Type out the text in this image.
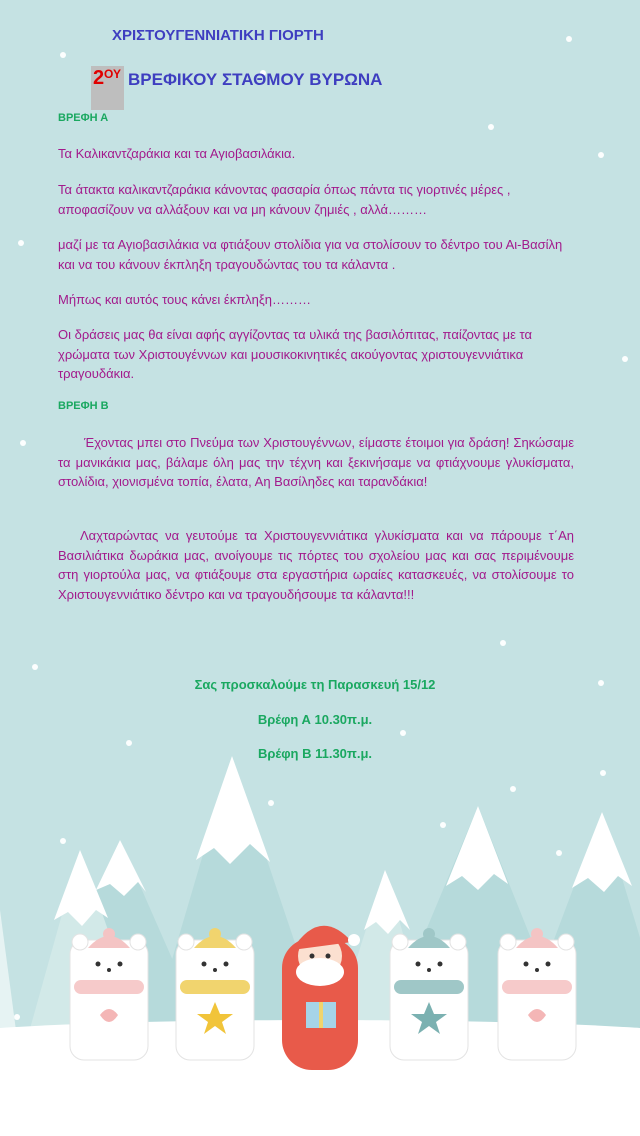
ΧΡΙΣΤΟΥΓΕΝΝΙΑΤΙΚΗ ΓΙΟΡΤΗ
2 ΟΥ ΒΡΕΦΙΚΟΥ ΣΤΑΘΜΟΥ ΒΥΡΩΝΑ
ΒΡΕΦΗ Α
Τα Καλικαντζαράκια και τα Αγιοβασιλάκια.
Τα άτακτα καλικαντζαράκια κάνοντας φασαρία όπως πάντα τις γιορτινές μέρες , αποφασίζουν να αλλάξουν και να μη κάνουν ζημιές , αλλά………
μαζί με τα Αγιοβασιλάκια να φτιάξουν στολίδια για να στολίσουν το δέντρο του Αι-Βασίλη και να του κάνουν έκπληξη τραγουδώντας του τα κάλαντα .
Μήπως και αυτός τους κάνει έκπληξη………
Οι δράσεις μας θα είναι αφής αγγίζοντας τα υλικά της βασιλόπιτας, παίζοντας με τα χρώματα των Χριστουγέννων και μουσικοκινητικές ακούγοντας χριστουγεννιάτικα τραγουδάκια.
ΒΡΕΦΗ Β
Έχοντας μπει στο Πνεύμα των Χριστουγέννων, είμαστε έτοιμοι για δράση! Σηκώσαμε τα μανικάκια μας, βάλαμε όλη μας την τέχνη και ξεκινήσαμε να φτιάχνουμε γλυκίσματα, στολίδια, χιονισμένα τοπία, έλατα, Αη Βασίληδες και ταρανδάκια!
Λαχταρώντας να γευτούμε τα Χριστουγεννιάτικα γλυκίσματα και να πάρουμε τ΄Αη Βασιλιάτικα δωράκια μας, ανοίγουμε τις πόρτες του σχολείου μας και σας περιμένουμε στη γιορτούλα μας, να φτιάξουμε στα εργαστήρια ωραίες κατασκευές, να στολίσουμε το Χριστουγεννιάτικο δέντρο και να τραγουδήσουμε τα κάλαντα!!!
Σας προσκαλούμε τη Παρασκευή 15/12
Βρέφη Α 10.30π.μ.
Βρέφη Β 11.30π.μ.
